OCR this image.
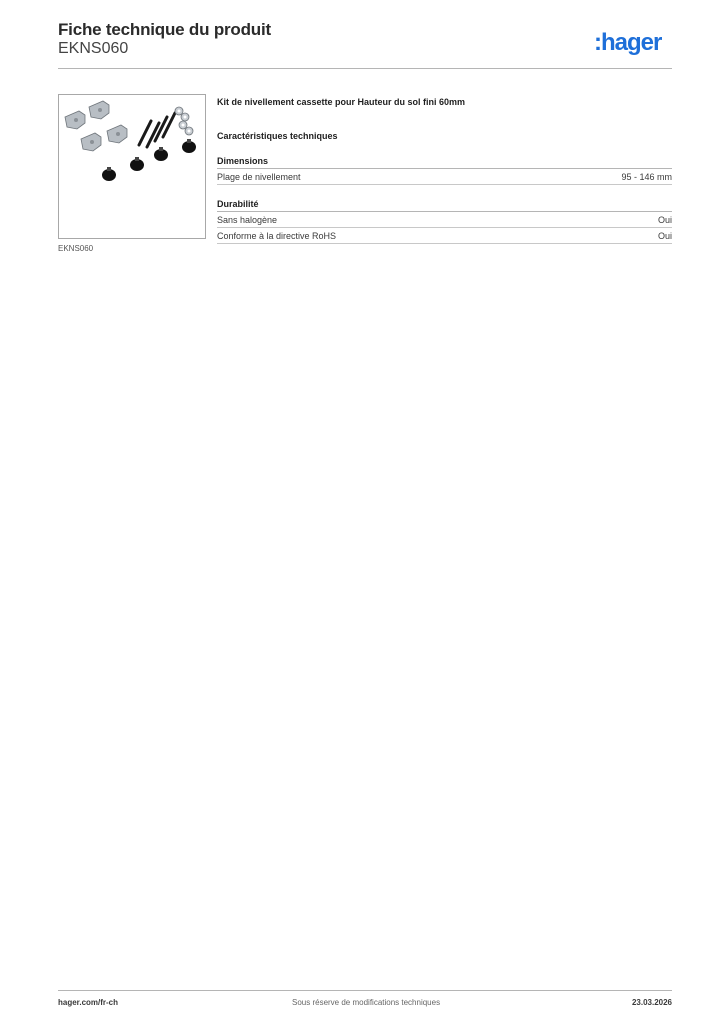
Fiche technique du produit
EKNS060	:hager
EKNS060

Kit de nivellement cassette pour Hauteur du sol fini 60mm

Caractéristiques techniques
Dimensions
Plage de nivellement	95 - 146 mm
Durabilité
Sans halogène	Oui
Conforme à la directive RoHS	Oui
hager.com/fr-ch	Sous réserve de modifications techniques	23.03.2026
